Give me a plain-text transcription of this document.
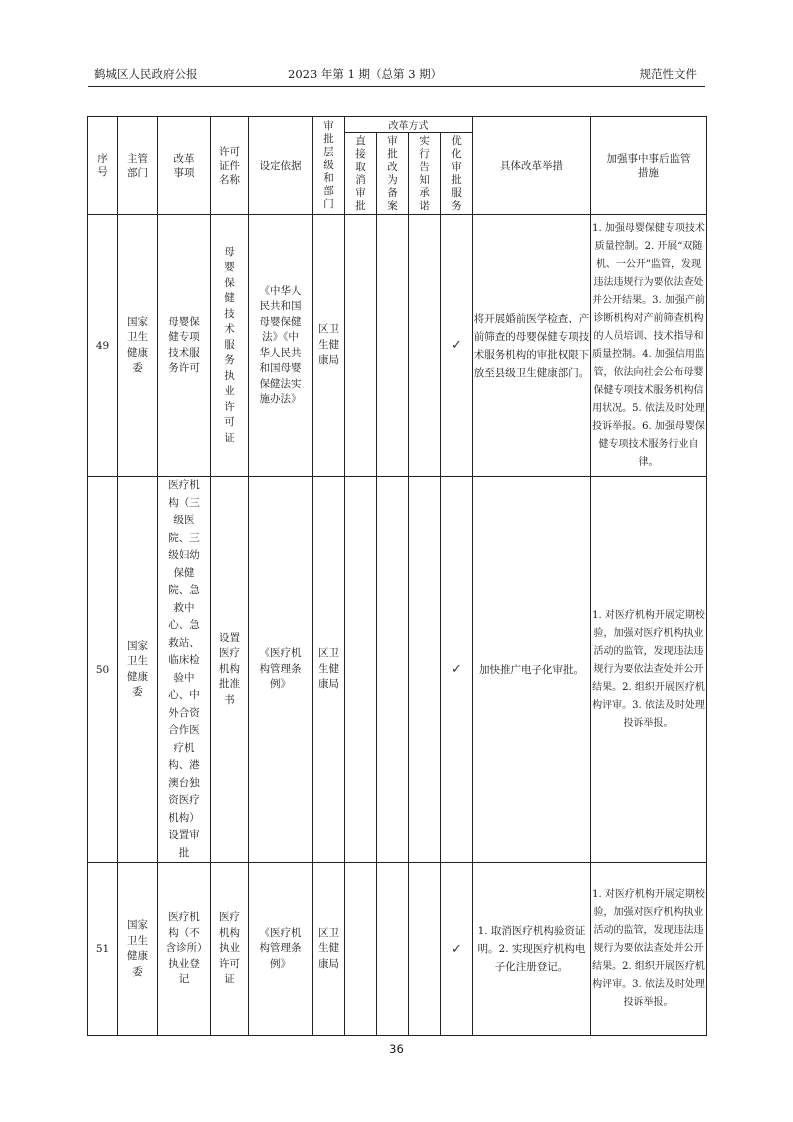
鹤城区人民政府公报	2023 年第 1 期（总第 3 期）	规范性文件
序号	主管部门	改革事项	许可证件名称	设定依据	审批层级和部门	改革方式				具体改革举措	加强事中事后监管措施

						直接取消审批	审批改为备案	实行告知承诺	优化审批服务		

49	国家卫生健康委	母婴保健专项技术服务许可	母婴保健技术服务执业许可证	《中华人民共和国母婴保健法》《中华人民共和国母婴保健法实施办法》	区卫生健康局				✓	将开展婚前医学检查、产前筛查的母婴保健专项技术服务机构的审批权限下放至县级卫生健康部门。	1. 加强母婴保健专项技术质量控制。2. 开展“双随机、一公开”监管，发现违法违规行为要依法查处并公开结果。3. 加强产前诊断机构对产前筛查机构的人员培训、技术指导和质量控制。4. 加强信用监管，依法向社会公布母婴保健专项技术服务机构信用状况。5. 依法及时处理投诉举报。6. 加强母婴保健专项技术服务行业自律。
50	国家卫生健康委	医疗机构（三级医院、三级妇幼保健院、急救中心、急救站、临床检验中心、中外合资合作医疗机构、港澳台独资医疗机构）设置审批	设置医疗机构批准书	《医疗机构管理条例》	区卫生健康局				✓	加快推广电子化审批。	1. 对医疗机构开展定期校验，加强对医疗机构执业活动的监管，发现违法违规行为要依法查处并公开结果。2. 组织开展医疗机构评审。3. 依法及时处理投诉举报。
51	国家卫生健康委	医疗机构（不含诊所）执业登记	医疗机构执业许可证	《医疗机构管理条例》	区卫生健康局				✓	1. 取消医疗机构验资证明。2. 实现医疗机构电子化注册登记。	1. 对医疗机构开展定期校验，加强对医疗机构执业活动的监管，发现违法违规行为要依法查处并公开结果。2. 组织开展医疗机构评审。3. 依法及时处理投诉举报。
36
